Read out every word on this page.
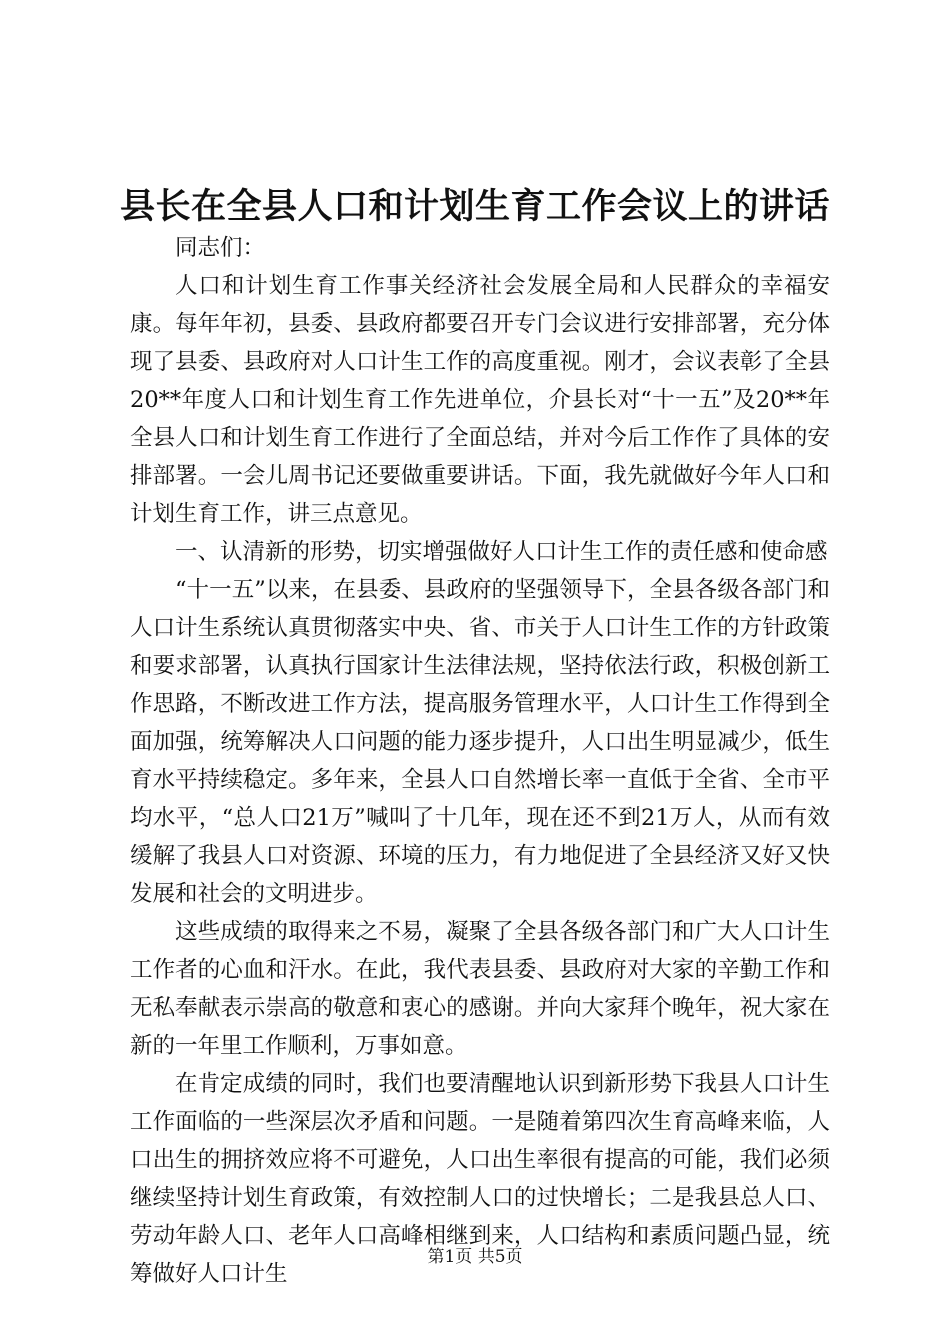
县长在全县人口和计划生育工作会议上的讲话

同志们：

人口和计划生育工作事关经济社会发展全局和人民群众的幸福安康。每年年初，县委、县政府都要召开专门会议进行安排部署，充分体现了县委、县政府对人口计生工作的高度重视。刚才，会议表彰了全县20**年度人口和计划生育工作先进单位，介县长对“十一五”及20**年全县人口和计划生育工作进行了全面总结，并对今后工作作了具体的安排部署。一会儿周书记还要做重要讲话。下面，我先就做好今年人口和计划生育工作，讲三点意见。

一、认清新的形势，切实增强做好人口计生工作的责任感和使命感

“十一五”以来，在县委、县政府的坚强领导下，全县各级各部门和人口计生系统认真贯彻落实中央、省、市关于人口计生工作的方针政策和要求部署，认真执行国家计生法律法规，坚持依法行政，积极创新工作思路，不断改进工作方法，提高服务管理水平，人口计生工作得到全面加强，统筹解决人口问题的能力逐步提升，人口出生明显减少，低生育水平持续稳定。多年来，全县人口自然增长率一直低于全省、全市平均水平，“总人口21万”喊叫了十几年，现在还不到21万人，从而有效缓解了我县人口对资源、环境的压力，有力地促进了全县经济又好又快发展和社会的文明进步。

这些成绩的取得来之不易，凝聚了全县各级各部门和广大人口计生工作者的心血和汗水。在此，我代表县委、县政府对大家的辛勤工作和无私奉献表示崇高的敬意和衷心的感谢。并向大家拜个晚年，祝大家在新的一年里工作顺利，万事如意。

在肯定成绩的同时，我们也要清醒地认识到新形势下我县人口计生工作面临的一些深层次矛盾和问题。一是随着第四次生育高峰来临，人口出生的拥挤效应将不可避免，人口出生率很有提高的可能，我们必须继续坚持计划生育政策，有效控制人口的过快增长；二是我县总人口、劳动年龄人口、老年人口高峰相继到来，人口结构和素质问题凸显，统筹做好人口计生

第1页 共5页
